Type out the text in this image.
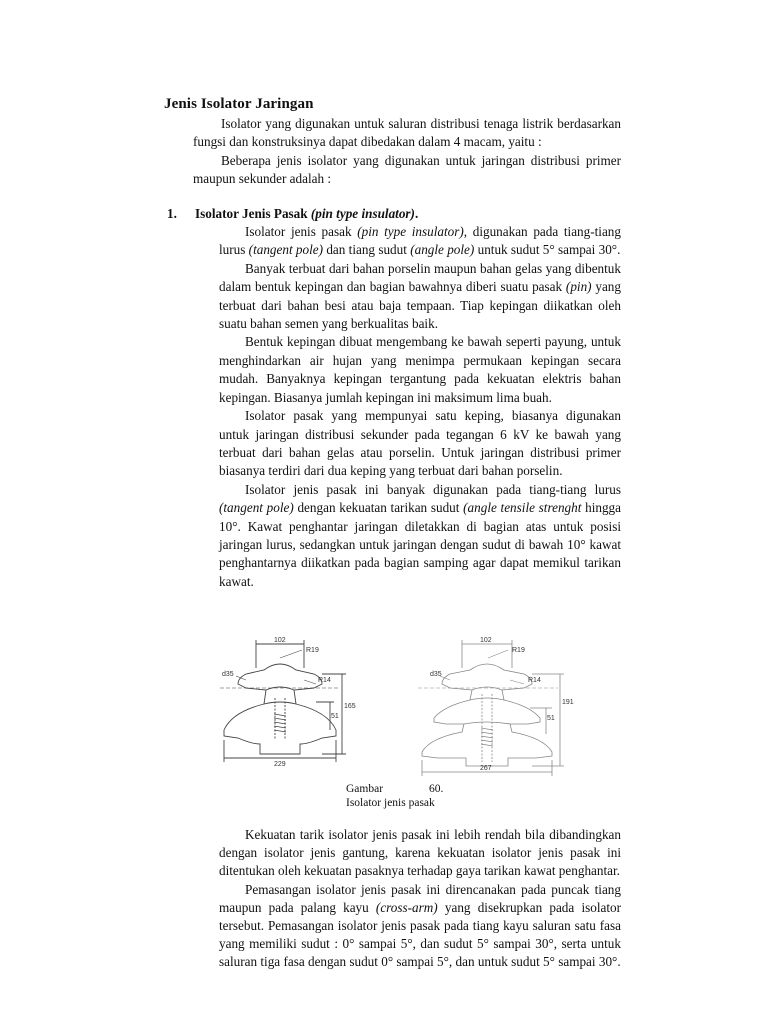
Jenis Isolator Jaringan

Isolator yang digunakan untuk saluran distribusi tenaga listrik berdasarkan fungsi dan konstruksinya dapat dibedakan dalam 4 macam, yaitu :

Beberapa jenis isolator yang digunakan untuk jaringan distribusi primer maupun sekunder adalah :

1. Isolator Jenis Pasak (pin type insulator).

Isolator jenis pasak (pin type insulator), digunakan pada tiang-tiang lurus (tangent pole) dan tiang sudut (angle pole) untuk sudut 5° sampai 30°.

Banyak terbuat dari bahan porselin maupun bahan gelas yang dibentuk dalam bentuk kepingan dan bagian bawahnya diberi suatu pasak (pin) yang terbuat dari bahan besi atau baja tempaan. Tiap kepingan diikatkan oleh suatu bahan semen yang berkualitas baik.

Bentuk kepingan dibuat mengembang ke bawah seperti payung, untuk menghindarkan air hujan yang menimpa permukaan kepingan secara mudah. Banyaknya kepingan tergantung pada kekuatan elektris bahan kepingan. Biasanya jumlah kepingan ini maksimum lima buah.

Isolator pasak yang mempunyai satu keping, biasanya digunakan untuk jaringan distribusi sekunder pada tegangan 6 kV ke bawah yang terbuat dari bahan gelas atau porselin. Untuk jaringan distribusi primer biasanya terdiri dari dua keping yang terbuat dari bahan porselin.

Isolator jenis pasak ini banyak digunakan pada tiang-tiang lurus (tangent pole) dengan kekuatan tarikan sudut (angle tensile strenght hingga 10°. Kawat penghantar jaringan diletakkan di bagian atas untuk posisi jaringan lurus, sedangkan untuk jaringan dengan sudut di bawah 10° kawat penghantarnya diikatkan pada bagian samping agar dapat memikul tarikan kawat.

102
R19
d35
R14
165
51
229
102
R19
d35
R14
191
51
267
Gambar	60.
Isolator jenis pasak

Kekuatan tarik isolator jenis pasak ini lebih rendah bila dibandingkan dengan isolator jenis gantung, karena kekuatan isolator jenis pasak ini ditentukan oleh kekuatan pasaknya terhadap gaya tarikan kawat penghantar.

Pemasangan isolator jenis pasak ini direncanakan pada puncak tiang maupun pada palang kayu (cross-arm) yang disekrupkan pada isolator tersebut. Pemasangan isolator jenis pasak pada tiang kayu saluran satu fasa yang memiliki sudut : 0° sampai 5°, dan sudut 5° sampai 30°, serta untuk saluran tiga fasa dengan sudut 0° sampai 5°, dan untuk sudut 5° sampai 30°.
